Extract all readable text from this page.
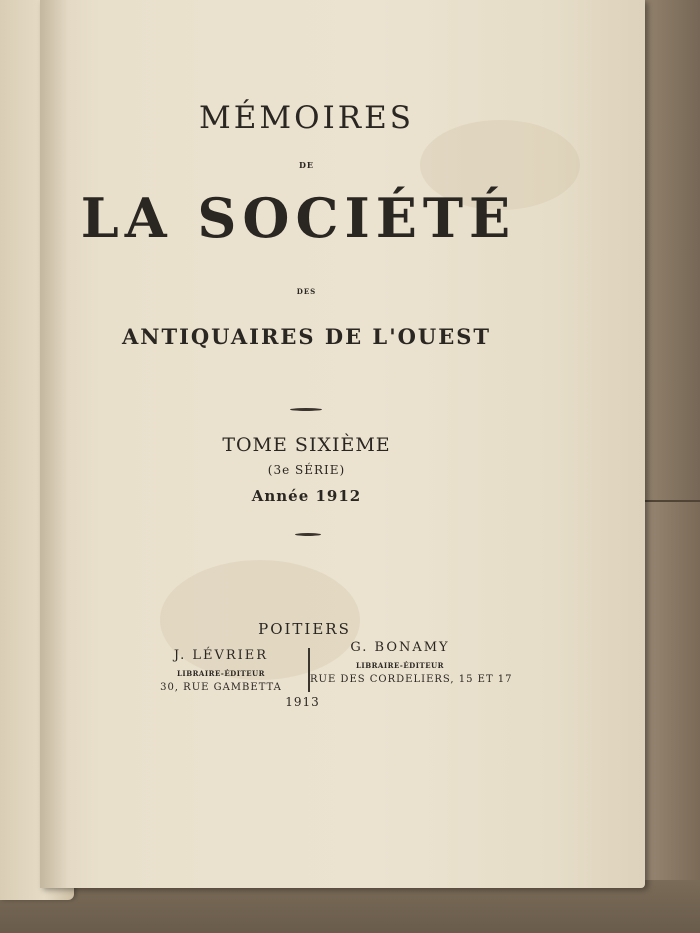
MÉMOIRES
DE
LA SOCIÉTÉ
DES
ANTIQUAIRES DE L'OUEST
TOME SIXIÈME
(3e SÉRIE)
Année 1912
POITIERS
J. LÉVRIER
LIBRAIRE-ÉDITEUR
30, RUE GAMBETTA
G. BONAMY
LIBRAIRE-ÉDITEUR
RUE DES CORDELIERS, 15 ET 17
1913
